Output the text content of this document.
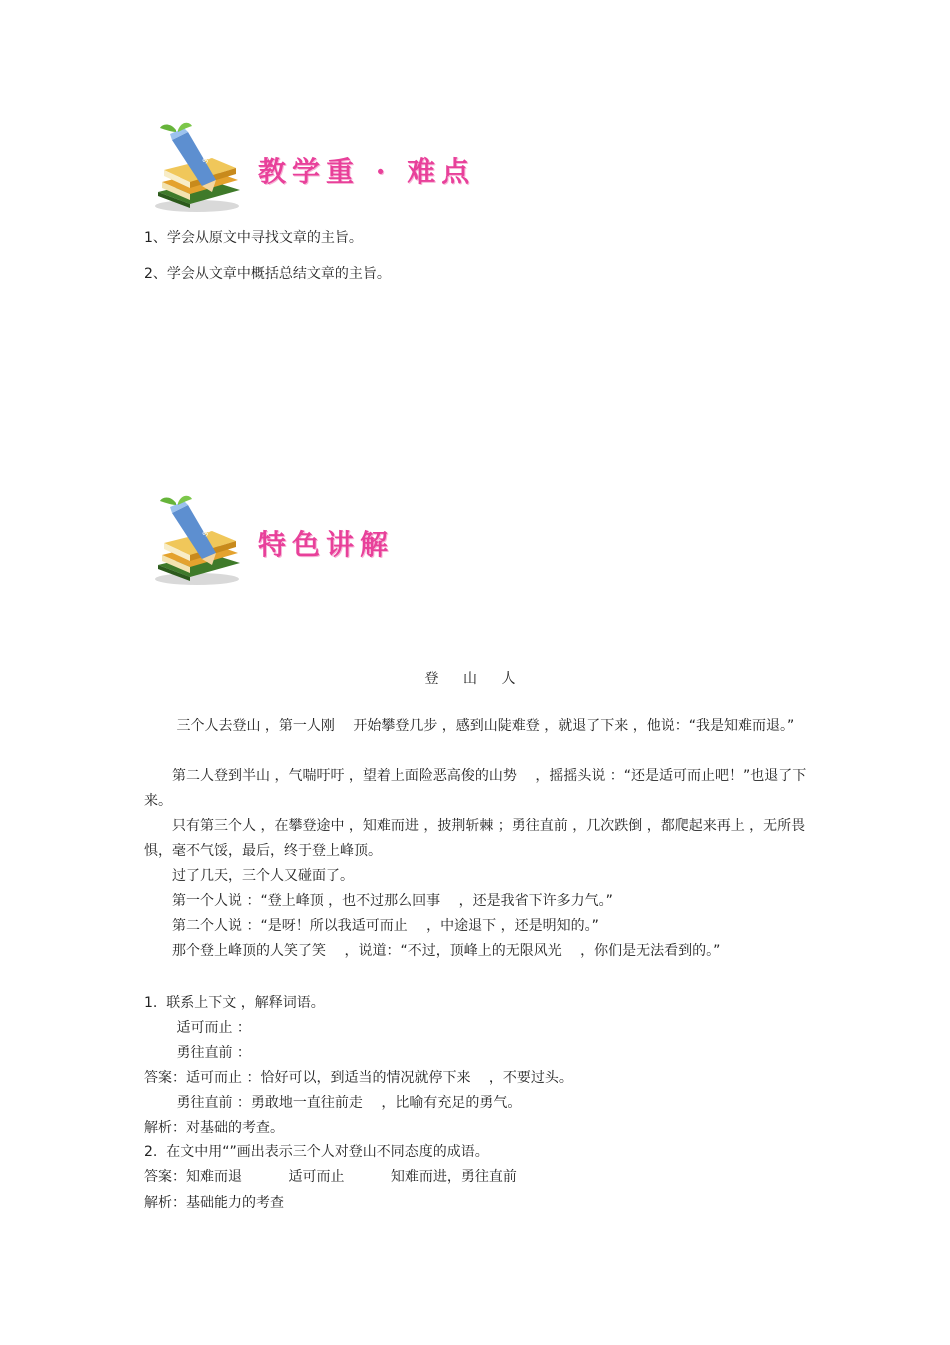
教学重 · 难点
1、学会从原文中寻找文章的主旨。
2、学会从文章中概括总结文章的主旨。
特色讲解
登 山 人

　　 三个人去登山 ，第一人刚 　开始攀登几步 ，感到山陡难登 ，就退了下来 ，他说：“我是知难而退。”

　　第二人登到半山 ，气喘吁吁 ，望着上面险恶高俊的山势 　，摇摇头说 ：“还是适可而止吧！”也退了下来。

　　只有第三个人 ，在攀登途中 ，知难而进 ，披荆斩棘 ；勇往直前 ，几次跌倒 ，都爬起来再上 ，无所畏惧，毫不气馁，最后，终于登上峰顶。

　　过了几天，三个人又碰面了。

　　第一个人说 ：“登上峰顶 ，也不过那么回事 　，还是我省下许多力气。”

　　第二个人说 ：“是呀！所以我适可而止 　，中途退下 ，还是明知的。”

　　那个登上峰顶的人笑了笑 　，说道：“不过，顶峰上的无限风光 　，你们是无法看到的。”

1.  联系上下文 ，解释词语。
　　 适可而止 ：
　　 勇往直前 ：
答案：适可而止 ：恰好可以，到适当的情况就停下来 　，不要过头。
　　 勇往直前 ：勇敢地一直往前走 　，比喻有充足的勇气。
解析：对基础的考查。
2.  在文中用“”画出表示三个人对登山不同态度的成语。
答案：知难而退 　　　适可而止 　　　知难而进，勇往直前
解析：基础能力的考查
